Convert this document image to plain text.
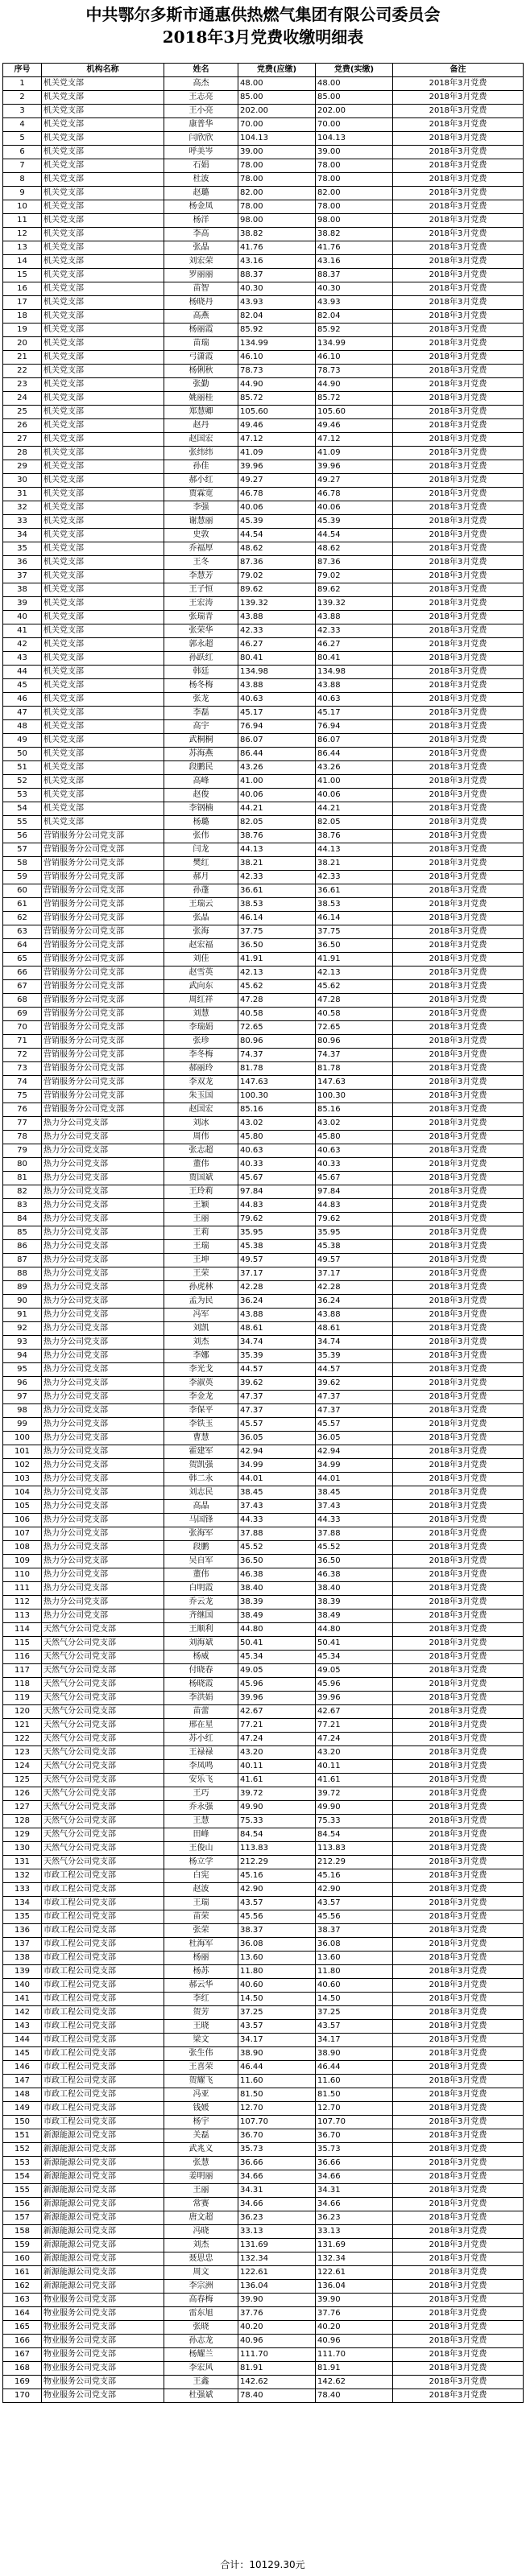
中共鄂尔多斯市通惠供热燃气集团有限公司委员会
2018年3月党费收缴明细表
序号	机构名称	姓名	党费(应缴)	党费(实缴)	备注
1	机关党支部	高杰	48.00	48.00	2018年3月党费
2	机关党支部	王志亮	85.00	85.00	2018年3月党费
3	机关党支部	王小亮	202.00	202.00	2018年3月党费
4	机关党支部	康普华	70.00	70.00	2018年3月党费
5	机关党支部	闫欣欣	104.13	104.13	2018年3月党费
6	机关党支部	呼美岑	39.00	39.00	2018年3月党费
7	机关党支部	石娟	78.00	78.00	2018年3月党费
8	机关党支部	杜波	78.00	78.00	2018年3月党费
9	机关党支部	赵璐	82.00	82.00	2018年3月党费
10	机关党支部	杨金凤	78.00	78.00	2018年3月党费
11	机关党支部	杨洋	98.00	98.00	2018年3月党费
12	机关党支部	李高	38.82	38.82	2018年3月党费
13	机关党支部	张晶	41.76	41.76	2018年3月党费
14	机关党支部	刘宏荣	43.16	43.16	2018年3月党费
15	机关党支部	罗丽丽	88.37	88.37	2018年3月党费
16	机关党支部	苗智	40.30	40.30	2018年3月党费
17	机关党支部	杨晓丹	43.93	43.93	2018年3月党费
18	机关党支部	高燕	82.04	82.04	2018年3月党费
19	机关党支部	杨丽霞	85.92	85.92	2018年3月党费
20	机关党支部	苗瑞	134.99	134.99	2018年3月党费
21	机关党支部	弓潇霞	46.10	46.10	2018年3月党费
22	机关党支部	杨俐秋	78.73	78.73	2018年3月党费
23	机关党支部	张勤	44.90	44.90	2018年3月党费
24	机关党支部	姚丽桂	85.72	85.72	2018年3月党费
25	机关党支部	郑慧卿	105.60	105.60	2018年3月党费
26	机关党支部	赵丹	49.46	49.46	2018年3月党费
27	机关党支部	赵国宏	47.12	47.12	2018年3月党费
28	机关党支部	张纬纬	41.09	41.09	2018年3月党费
29	机关党支部	孙佳	39.96	39.96	2018年3月党费
30	机关党支部	郝小红	49.27	49.27	2018年3月党费
31	机关党支部	贾霖宽	46.78	46.78	2018年3月党费
32	机关党支部	李强	40.06	40.06	2018年3月党费
33	机关党支部	谢慧丽	45.39	45.39	2018年3月党费
34	机关党支部	史敦	44.54	44.54	2018年3月党费
35	机关党支部	乔福厚	48.62	48.62	2018年3月党费
36	机关党支部	王冬	87.36	87.36	2018年3月党费
37	机关党支部	李慧芳	79.02	79.02	2018年3月党费
38	机关党支部	王子恒	89.62	89.62	2018年3月党费
39	机关党支部	王宏涛	139.32	139.32	2018年3月党费
40	机关党支部	张瑞青	43.88	43.88	2018年3月党费
41	机关党支部	张荣华	42.33	42.33	2018年3月党费
42	机关党支部	郭永超	46.27	46.27	2018年3月党费
43	机关党支部	孙跃红	80.41	80.41	2018年3月党费
44	机关党支部	韩廷	134.98	134.98	2018年3月党费
45	机关党支部	杨冬梅	43.88	43.88	2018年3月党费
46	机关党支部	张龙	40.63	40.63	2018年3月党费
47	机关党支部	李磊	45.17	45.17	2018年3月党费
48	机关党支部	高宇	76.94	76.94	2018年3月党费
49	机关党支部	武桐桐	86.07	86.07	2018年3月党费
50	机关党支部	苏海燕	86.44	86.44	2018年3月党费
51	机关党支部	段鹏民	43.26	43.26	2018年3月党费
52	机关党支部	高峰	41.00	41.00	2018年3月党费
53	机关党支部	赵俊	40.06	40.06	2018年3月党费
54	机关党支部	李钢楠	44.21	44.21	2018年3月党费
55	机关党支部	杨璐	82.05	82.05	2018年3月党费
56	营销服务分公司党支部	张伟	38.76	38.76	2018年3月党费
57	营销服务分公司党支部	闫龙	44.13	44.13	2018年3月党费
58	营销服务分公司党支部	樊红	38.21	38.21	2018年3月党费
59	营销服务分公司党支部	郝月	42.33	42.33	2018年3月党费
60	营销服务分公司党支部	孙蓬	36.61	36.61	2018年3月党费
61	营销服务分公司党支部	王瑞云	38.53	38.53	2018年3月党费
62	营销服务分公司党支部	张晶	46.14	46.14	2018年3月党费
63	营销服务分公司党支部	张海	37.75	37.75	2018年3月党费
64	营销服务分公司党支部	赵宏福	36.50	36.50	2018年3月党费
65	营销服务分公司党支部	刘佳	41.91	41.91	2018年3月党费
66	营销服务分公司党支部	赵雪英	42.13	42.13	2018年3月党费
67	营销服务分公司党支部	武向东	45.62	45.62	2018年3月党费
68	营销服务分公司党支部	周红祥	47.28	47.28	2018年3月党费
69	营销服务分公司党支部	刘慧	40.58	40.58	2018年3月党费
70	营销服务分公司党支部	李瑞娟	72.65	72.65	2018年3月党费
71	营销服务分公司党支部	张珍	80.96	80.96	2018年3月党费
72	营销服务分公司党支部	李冬梅	74.37	74.37	2018年3月党费
73	营销服务分公司党支部	郝丽玲	81.78	81.78	2018年3月党费
74	营销服务分公司党支部	李双龙	147.63	147.63	2018年3月党费
75	营销服务分公司党支部	朱玉国	100.30	100.30	2018年3月党费
76	营销服务分公司党支部	赵国宏	85.16	85.16	2018年3月党费
77	热力分公司党支部	刘冰	43.02	43.02	2018年3月党费
78	热力分公司党支部	周伟	45.80	45.80	2018年3月党费
79	热力分公司党支部	张志超	40.63	40.63	2018年3月党费
80	热力分公司党支部	董伟	40.33	40.33	2018年3月党费
81	热力分公司党支部	贾国斌	45.67	45.67	2018年3月党费
82	热力分公司党支部	王玲莉	97.84	97.84	2018年3月党费
83	热力分公司党支部	王颖	44.83	44.83	2018年3月党费
84	热力分公司党支部	王丽	79.62	79.62	2018年3月党费
85	热力分公司党支部	王莉	35.95	35.95	2018年3月党费
86	热力分公司党支部	王瑞	45.38	45.38	2018年3月党费
87	热力分公司党支部	王坤	49.57	49.57	2018年3月党费
88	热力分公司党支部	王荣	37.17	37.17	2018年3月党费
89	热力分公司党支部	孙虎林	42.28	42.28	2018年3月党费
90	热力分公司党支部	孟为民	36.24	36.24	2018年3月党费
91	热力分公司党支部	冯军	43.88	43.88	2018年3月党费
92	热力分公司党支部	刘凯	48.61	48.61	2018年3月党费
93	热力分公司党支部	刘杰	34.74	34.74	2018年3月党费
94	热力分公司党支部	李娜	35.39	35.39	2018年3月党费
95	热力分公司党支部	李光戈	44.57	44.57	2018年3月党费
96	热力分公司党支部	李淑英	39.62	39.62	2018年3月党费
97	热力分公司党支部	李金龙	47.37	47.37	2018年3月党费
98	热力分公司党支部	李保平	47.37	47.37	2018年3月党费
99	热力分公司党支部	李铁玉	45.57	45.57	2018年3月党费
100	热力分公司党支部	曹慧	36.05	36.05	2018年3月党费
101	热力分公司党支部	霍建军	42.94	42.94	2018年3月党费
102	热力分公司党支部	贺凯强	34.99	34.99	2018年3月党费
103	热力分公司党支部	韩二永	44.01	44.01	2018年3月党费
104	热力分公司党支部	刘志民	38.45	38.45	2018年3月党费
105	热力分公司党支部	高晶	37.43	37.43	2018年3月党费
106	热力分公司党支部	马国锋	44.33	44.33	2018年3月党费
107	热力分公司党支部	张海军	37.88	37.88	2018年3月党费
108	热力分公司党支部	段鹏	45.52	45.52	2018年3月党费
109	热力分公司党支部	吴自军	36.50	36.50	2018年3月党费
110	热力分公司党支部	董伟	46.38	46.38	2018年3月党费
111	热力分公司党支部	白明霞	38.40	38.40	2018年3月党费
112	热力分公司党支部	乔云龙	38.39	38.39	2018年3月党费
113	热力分公司党支部	齐继国	38.49	38.49	2018年3月党费
114	天然气分公司党支部	王顺利	44.80	44.80	2018年3月党费
115	天然气分公司党支部	刘海斌	50.41	50.41	2018年3月党费
116	天然气分公司党支部	杨威	45.34	45.34	2018年3月党费
117	天然气分公司党支部	付晓春	49.05	49.05	2018年3月党费
118	天然气分公司党支部	杨晓霞	45.96	45.96	2018年3月党费
119	天然气分公司党支部	李洪娟	39.96	39.96	2018年3月党费
120	天然气分公司党支部	苗蕾	42.67	42.67	2018年3月党费
121	天然气分公司党支部	邢在星	77.21	77.21	2018年3月党费
122	天然气分公司党支部	苏小红	47.24	47.24	2018年3月党费
123	天然气分公司党支部	王禄禄	43.20	43.20	2018年3月党费
124	天然气分公司党支部	李凤鸣	40.11	40.11	2018年3月党费
125	天然气分公司党支部	安乐飞	41.61	41.61	2018年3月党费
126	天然气分公司党支部	王巧	39.72	39.72	2018年3月党费
127	天然气分公司党支部	乔永强	49.90	49.90	2018年3月党费
128	天然气分公司党支部	王慧	75.33	75.33	2018年3月党费
129	天然气分公司党支部	田峰	84.54	84.54	2018年3月党费
130	天然气分公司党支部	王俊山	113.83	113.83	2018年3月党费
131	天然气分公司党支部	杨立学	212.29	212.29	2018年3月党费
132	市政工程公司党支部	白宪	45.16	45.16	2018年3月党费
133	市政工程公司党支部	赵波	42.90	42.90	2018年3月党费
134	市政工程公司党支部	王瑞	43.57	43.57	2018年3月党费
135	市政工程公司党支部	苗荣	45.56	45.56	2018年3月党费
136	市政工程公司党支部	张荣	38.37	38.37	2018年3月党费
137	市政工程公司党支部	杜海军	36.08	36.08	2018年3月党费
138	市政工程公司党支部	杨丽	13.60	13.60	2018年3月党费
139	市政工程公司党支部	杨苏	11.80	11.80	2018年3月党费
140	市政工程公司党支部	郝云华	40.60	40.60	2018年3月党费
141	市政工程公司党支部	李红	14.50	14.50	2018年3月党费
142	市政工程公司党支部	贺芳	37.25	37.25	2018年3月党费
143	市政工程公司党支部	王晓	43.57	43.57	2018年3月党费
144	市政工程公司党支部	梁文	34.17	34.17	2018年3月党费
145	市政工程公司党支部	张生伟	38.90	38.90	2018年3月党费
146	市政工程公司党支部	王喜荣	46.44	46.44	2018年3月党费
147	市政工程公司党支部	贺耀飞	11.60	11.60	2018年3月党费
148	市政工程公司党支部	冯亚	81.50	81.50	2018年3月党费
149	市政工程公司党支部	钱媛	12.70	12.70	2018年3月党费
150	市政工程公司党支部	杨宇	107.70	107.70	2018年3月党费
151	新源能源公司党支部	关磊	36.70	36.70	2018年3月党费
152	新源能源公司党支部	武兆义	35.73	35.73	2018年3月党费
153	新源能源公司党支部	张慧	36.66	36.66	2018年3月党费
154	新源能源公司党支部	姜明丽	34.66	34.66	2018年3月党费
155	新源能源公司党支部	王丽	34.31	34.31	2018年3月党费
156	新源能源公司党支部	常赛	34.66	34.66	2018年3月党费
157	新源能源公司党支部	唐文超	36.23	36.23	2018年3月党费
158	新源能源公司党支部	冯晓	33.13	33.13	2018年3月党费
159	新源能源公司党支部	刘杰	131.69	131.69	2018年3月党费
160	新源能源公司党支部	聂思忠	132.34	132.34	2018年3月党费
161	新源能源公司党支部	周文	122.61	122.61	2018年3月党费
162	新源能源公司党支部	李宗洲	136.04	136.04	2018年3月党费
163	物业服务公司党支部	高春梅	39.90	39.90	2018年3月党费
164	物业服务公司党支部	雷东旭	37.76	37.76	2018年3月党费
165	物业服务公司党支部	张晓	40.20	40.20	2018年3月党费
166	物业服务公司党支部	孙志龙	40.96	40.96	2018年3月党费
167	物业服务公司党支部	杨耀兰	111.70	111.70	2018年3月党费
168	物业服务公司党支部	李宏风	81.91	81.91	2018年3月党费
169	物业服务公司党支部	王鑫	142.62	142.62	2018年3月党费
170	物业服务公司党支部	杜强斌	78.40	78.40	2018年3月党费
合计：10129.30元
